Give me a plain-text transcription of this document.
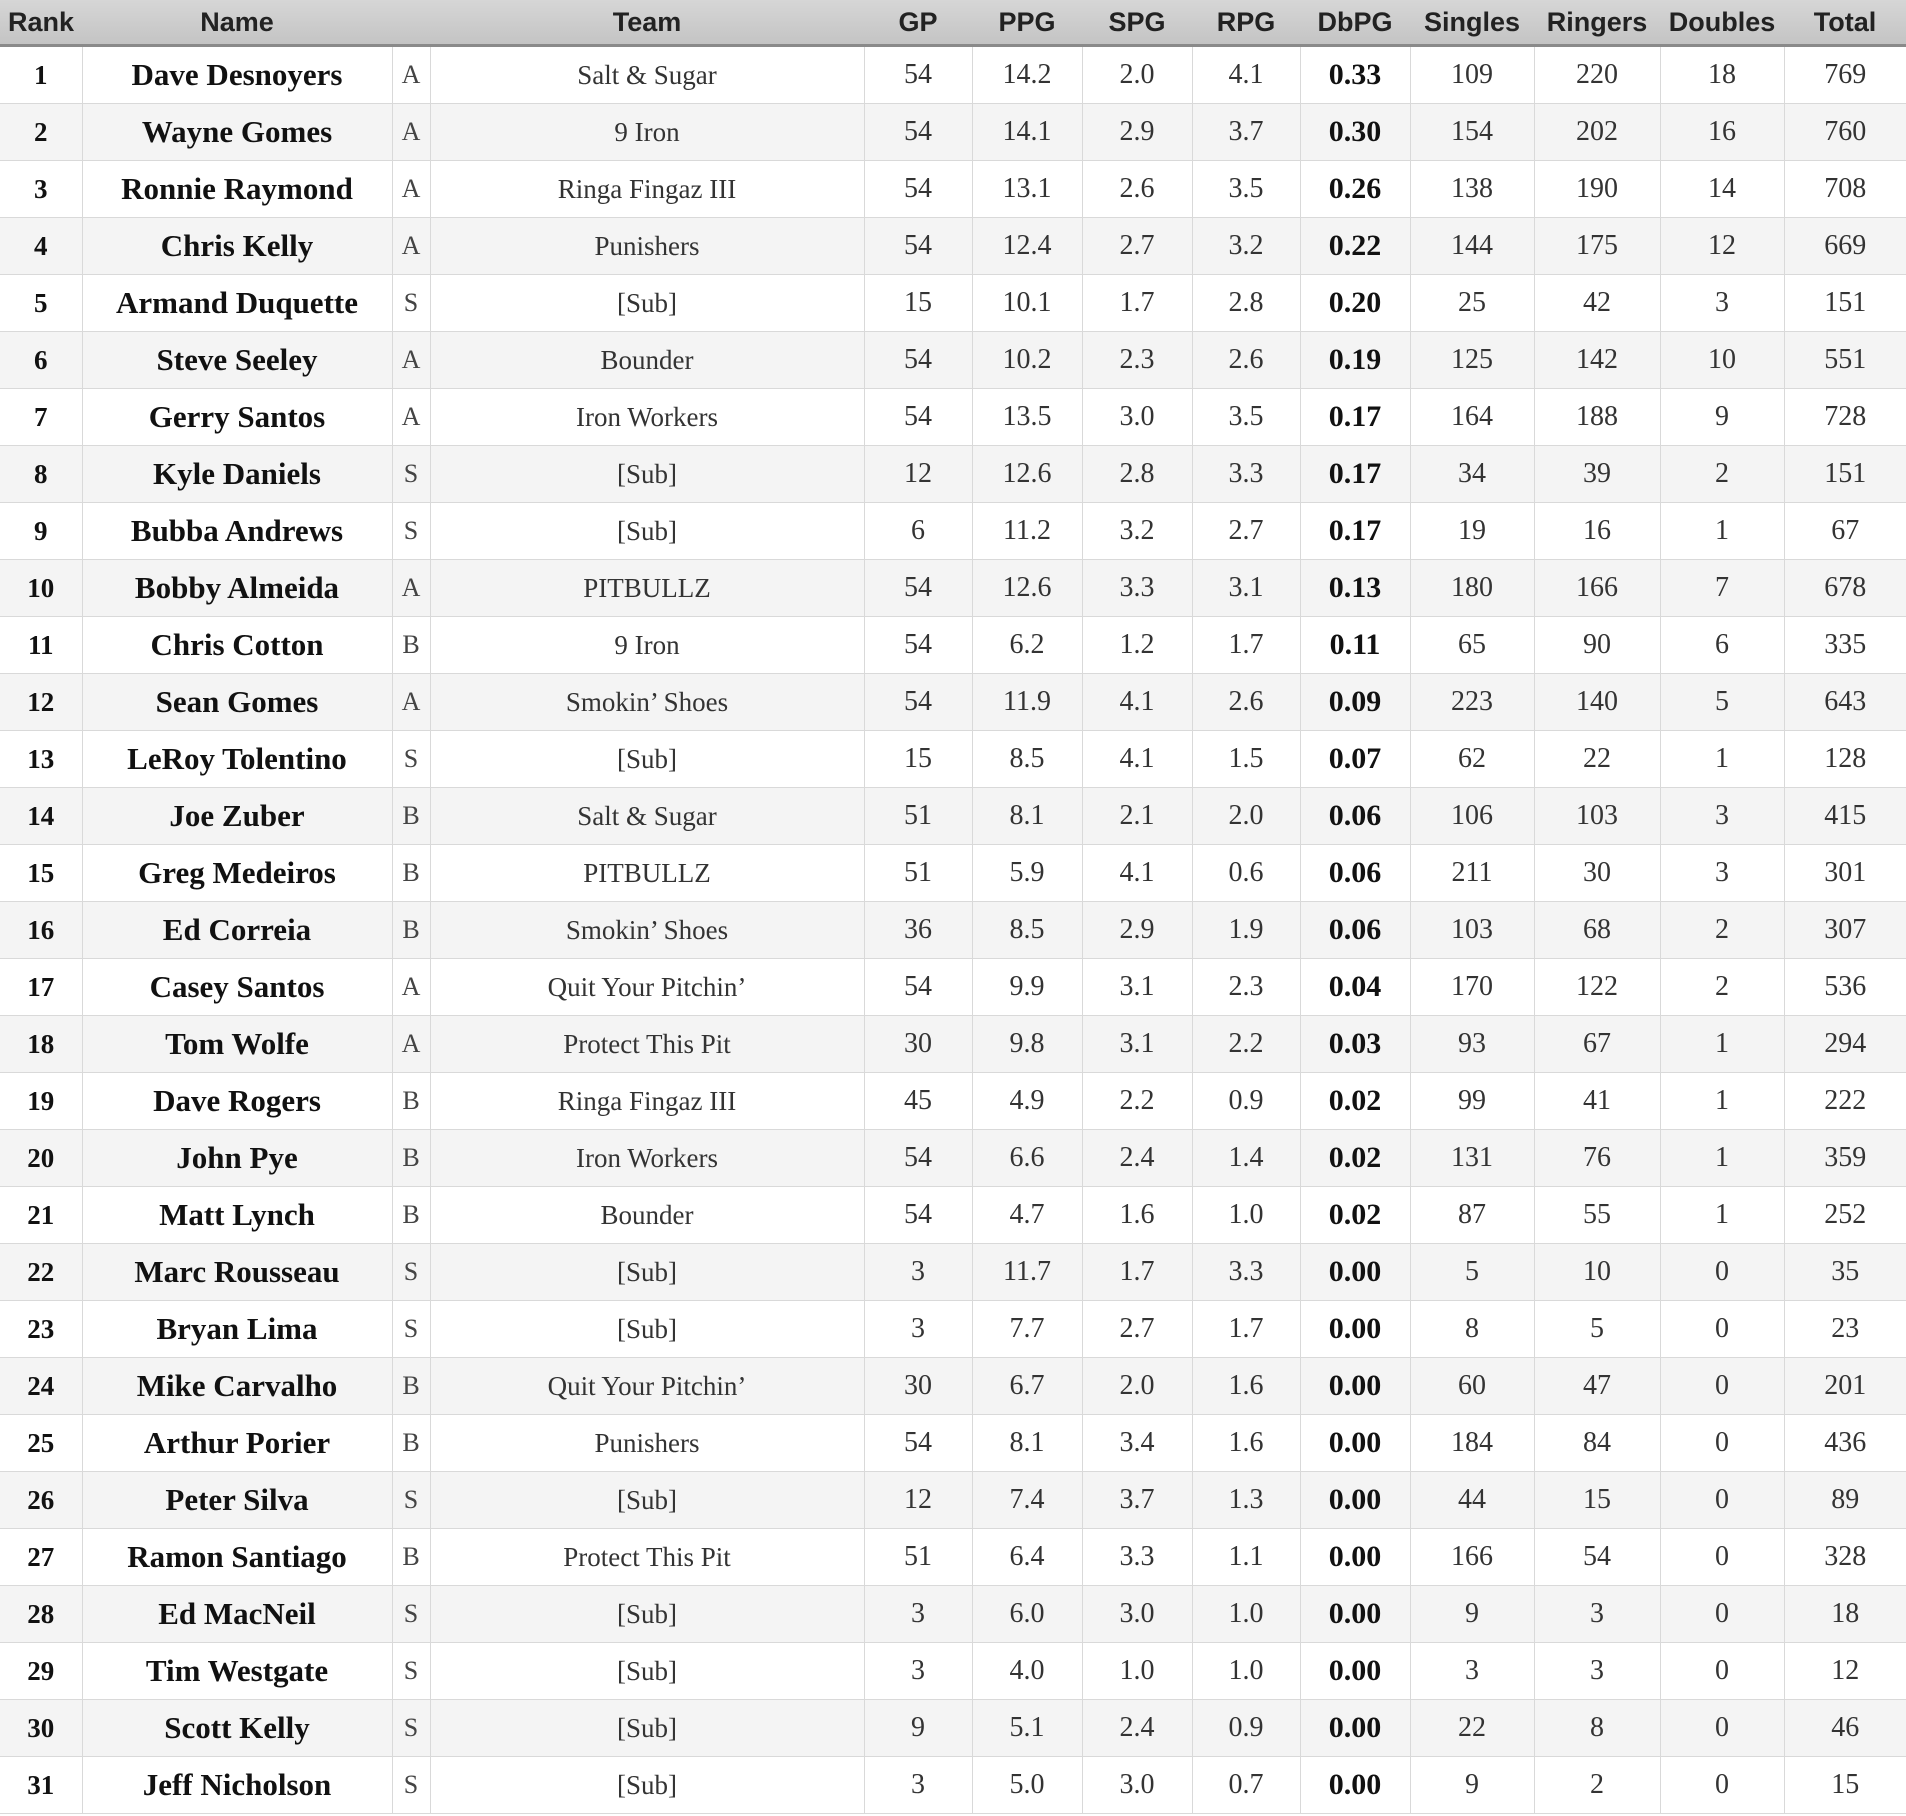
Rank	Name		Team	GP	PPG	SPG	RPG	DbPG	Singles	Ringers	Doubles	Total
1	Dave Desnoyers	A	Salt & Sugar	54	14.2	2.0	4.1	0.33	109	220	18	769
2	Wayne Gomes	A	9 Iron	54	14.1	2.9	3.7	0.30	154	202	16	760
3	Ronnie Raymond	A	Ringa Fingaz III	54	13.1	2.6	3.5	0.26	138	190	14	708
4	Chris Kelly	A	Punishers	54	12.4	2.7	3.2	0.22	144	175	12	669
5	Armand Duquette	S	[Sub]	15	10.1	1.7	2.8	0.20	25	42	3	151
6	Steve Seeley	A	Bounder	54	10.2	2.3	2.6	0.19	125	142	10	551
7	Gerry Santos	A	Iron Workers	54	13.5	3.0	3.5	0.17	164	188	9	728
8	Kyle Daniels	S	[Sub]	12	12.6	2.8	3.3	0.17	34	39	2	151
9	Bubba Andrews	S	[Sub]	6	11.2	3.2	2.7	0.17	19	16	1	67
10	Bobby Almeida	A	PITBULLZ	54	12.6	3.3	3.1	0.13	180	166	7	678
11	Chris Cotton	B	9 Iron	54	6.2	1.2	1.7	0.11	65	90	6	335
12	Sean Gomes	A	Smokin’ Shoes	54	11.9	4.1	2.6	0.09	223	140	5	643
13	LeRoy Tolentino	S	[Sub]	15	8.5	4.1	1.5	0.07	62	22	1	128
14	Joe Zuber	B	Salt & Sugar	51	8.1	2.1	2.0	0.06	106	103	3	415
15	Greg Medeiros	B	PITBULLZ	51	5.9	4.1	0.6	0.06	211	30	3	301
16	Ed Correia	B	Smokin’ Shoes	36	8.5	2.9	1.9	0.06	103	68	2	307
17	Casey Santos	A	Quit Your Pitchin’	54	9.9	3.1	2.3	0.04	170	122	2	536
18	Tom Wolfe	A	Protect This Pit	30	9.8	3.1	2.2	0.03	93	67	1	294
19	Dave Rogers	B	Ringa Fingaz III	45	4.9	2.2	0.9	0.02	99	41	1	222
20	John Pye	B	Iron Workers	54	6.6	2.4	1.4	0.02	131	76	1	359
21	Matt Lynch	B	Bounder	54	4.7	1.6	1.0	0.02	87	55	1	252
22	Marc Rousseau	S	[Sub]	3	11.7	1.7	3.3	0.00	5	10	0	35
23	Bryan Lima	S	[Sub]	3	7.7	2.7	1.7	0.00	8	5	0	23
24	Mike Carvalho	B	Quit Your Pitchin’	30	6.7	2.0	1.6	0.00	60	47	0	201
25	Arthur Porier	B	Punishers	54	8.1	3.4	1.6	0.00	184	84	0	436
26	Peter Silva	S	[Sub]	12	7.4	3.7	1.3	0.00	44	15	0	89
27	Ramon Santiago	B	Protect This Pit	51	6.4	3.3	1.1	0.00	166	54	0	328
28	Ed MacNeil	S	[Sub]	3	6.0	3.0	1.0	0.00	9	3	0	18
29	Tim Westgate	S	[Sub]	3	4.0	1.0	1.0	0.00	3	3	0	12
30	Scott Kelly	S	[Sub]	9	5.1	2.4	0.9	0.00	22	8	0	46
31	Jeff Nicholson	S	[Sub]	3	5.0	3.0	0.7	0.00	9	2	0	15
